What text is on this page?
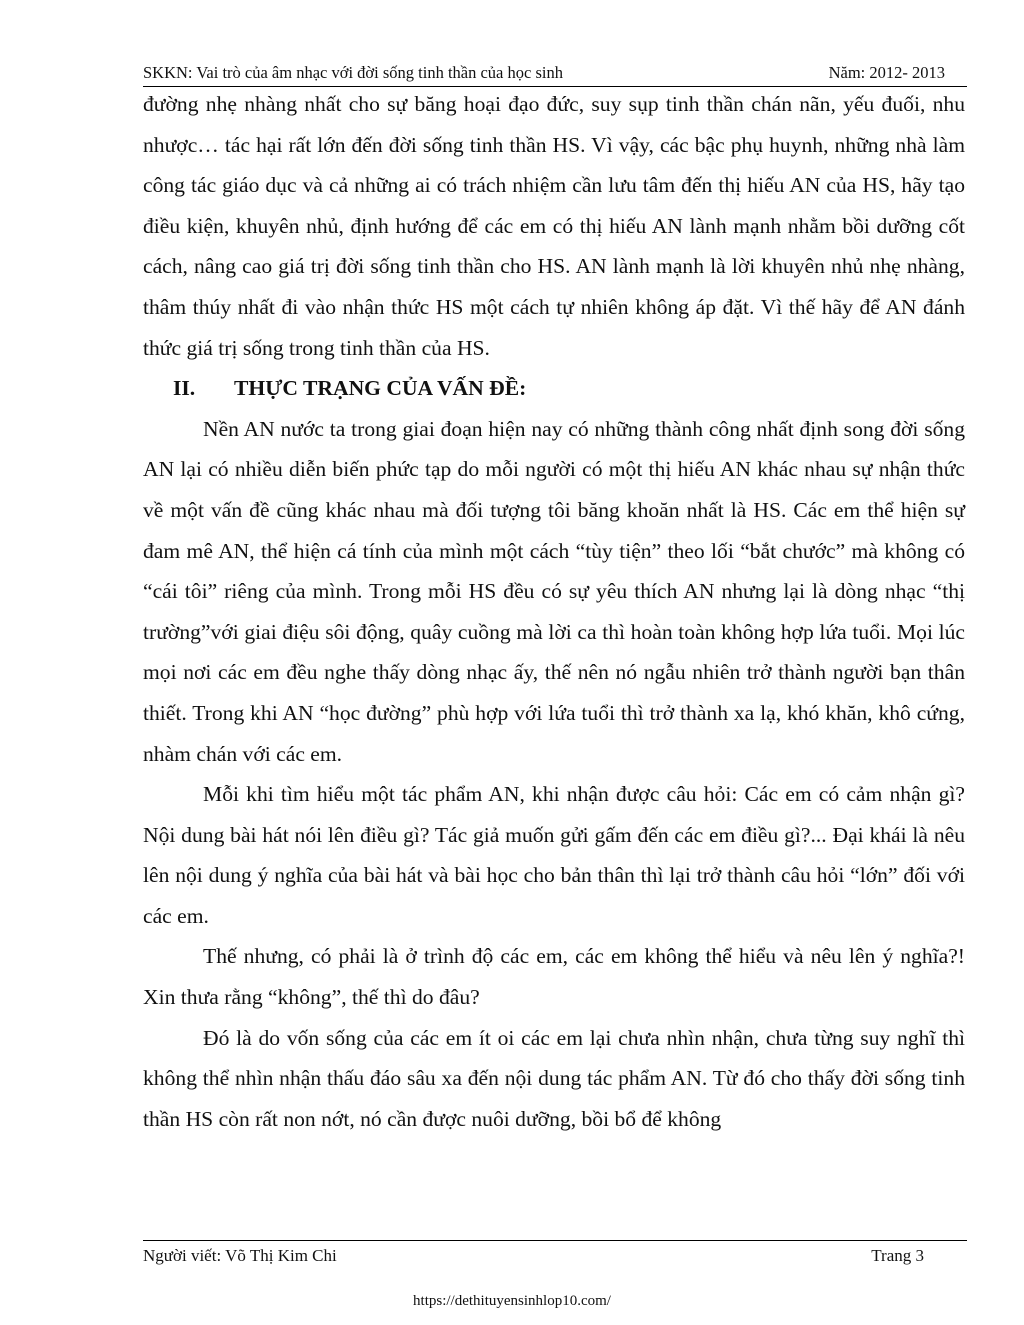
SKKN: Vai trò của âm nhạc với đời sống tinh thần của học sinh	Năm: 2012- 2013

đường nhẹ nhàng nhất cho sự băng hoại đạo đức, suy sụp tinh thần chán nãn, yếu đuối, nhu nhược… tác hại rất lớn đến đời sống tinh thần HS. Vì vậy, các bậc phụ huynh, những nhà làm công tác giáo dục và cả những ai có trách nhiệm cần lưu tâm đến thị hiếu AN của HS, hãy tạo điều kiện, khuyên nhủ, định hướng để các em có thị hiếu AN lành mạnh nhằm bồi dưỡng cốt cách, nâng cao giá trị đời sống tinh thần cho HS. AN lành mạnh là lời khuyên nhủ nhẹ nhàng, thâm thúy nhất đi vào nhận thức HS một cách tự nhiên không áp đặt. Vì thế hãy để AN đánh thức giá trị sống trong tinh thần của HS.

II. THỰC TRẠNG CỦA VẤN ĐỀ:

Nền AN nước ta trong giai đoạn hiện nay có những thành công nhất định song đời sống AN lại có nhiều diễn biến phức tạp do mỗi người có một thị hiếu AN khác nhau sự nhận thức về một vấn đề cũng khác nhau mà đối tượng tôi băng khoăn nhất là HS. Các em thể hiện sự đam mê AN, thể hiện cá tính của mình một cách “tùy tiện” theo lối “bắt chước” mà không có “cái tôi” riêng của mình. Trong mỗi HS đều có sự yêu thích AN nhưng lại là dòng nhạc “thị trường”với giai điệu sôi động, quây cuồng mà lời ca thì hoàn toàn không hợp lứa tuổi. Mọi lúc mọi nơi các em đều nghe thấy dòng nhạc ấy, thế nên nó ngẫu nhiên trở thành người bạn thân thiết. Trong khi AN “học đường” phù hợp với lứa tuổi thì trở thành xa lạ, khó khăn, khô cứng, nhàm chán với các em.

Mỗi khi tìm hiểu một tác phẩm AN, khi nhận được câu hỏi: Các em có cảm nhận gì? Nội dung bài hát nói lên điều gì? Tác giả muốn gửi gấm đến các em điều gì?... Đại khái là nêu lên nội dung ý nghĩa của bài hát và bài học cho bản thân thì lại trở thành câu hỏi “lớn” đối với các em.

Thế nhưng, có phải là ở trình độ các em, các em không thể hiểu và nêu lên ý nghĩa?! Xin thưa rằng “không”, thế thì do đâu?

Đó là do vốn sống của các em ít oi các em lại chưa nhìn nhận, chưa từng suy nghĩ thì không thể nhìn nhận thấu đáo sâu xa đến nội dung tác phẩm AN. Từ đó cho thấy đời sống tinh thần HS còn rất non nớt, nó cần được nuôi dưỡng, bồi bổ để không

Người viết: Võ Thị Kim Chi	Trang 3
https://dethituyensinhlop10.com/
